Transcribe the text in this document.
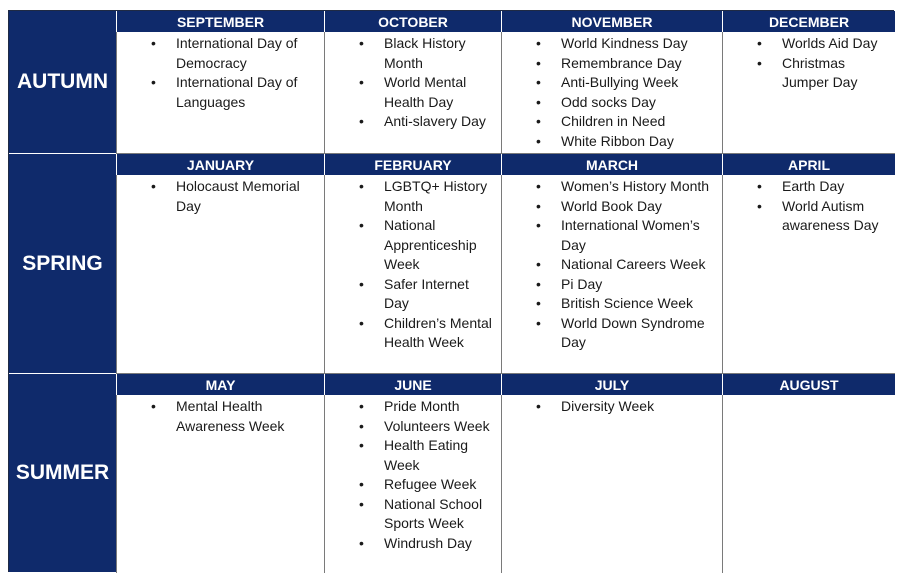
AUTUMN
SEPTEMBER
• International Day of Democracy
• International Day of Languages
OCTOBER
• Black History Month
• World Mental Health Day
• Anti-slavery Day
NOVEMBER
• World Kindness Day
• Remembrance Day
• Anti-Bullying Week
• Odd socks Day
• Children in Need
• White Ribbon Day
DECEMBER
• Worlds Aid Day
• Christmas Jumper Day
SPRING
JANUARY
• Holocaust Memorial Day
FEBRUARY
• LGBTQ+ History Month
• National Apprenticeship Week
• Safer Internet Day
• Children’s Mental Health Week
MARCH
• Women’s History Month
• World Book Day
• International Women’s Day
• National Careers Week
• Pi Day
• British Science Week
• World Down Syndrome Day
APRIL
• Earth Day
• World Autism awareness Day
SUMMER
MAY
• Mental Health Awareness Week
JUNE
• Pride Month
• Volunteers Week
• Health Eating Week
• Refugee Week
• National School Sports Week
• Windrush Day
JULY
• Diversity Week
AUGUST
